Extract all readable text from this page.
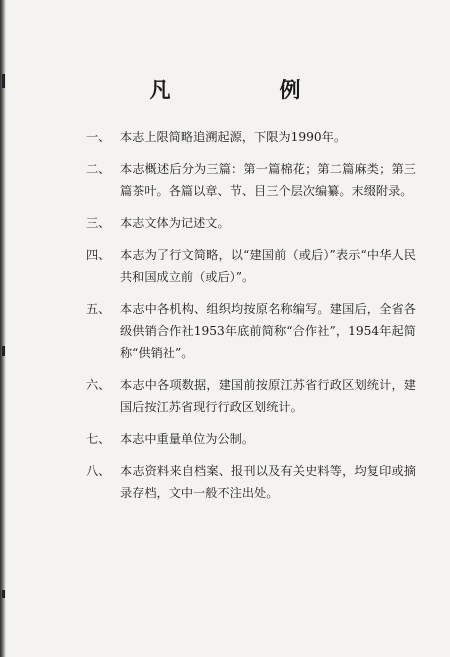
凡　例
一、 本志上限简略追溯起源，下限为1990年。
二、 本志概述后分为三篇：第一篇棉花；第二篇麻类；第三篇茶叶。各篇以章、节、目三个层次编纂。末缀附录。
三、 本志文体为记述文。
四、 本志为了行文简略，以“建国前（或后）”表示“中华人民共和国成立前（或后）”。
五、 本志中各机构、组织均按原名称编写。建国后，全省各级供销合作社1953年底前简称“合作社”，1954年起简称“供销社”。
六、 本志中各项数据，建国前按原江苏省行政区划统计，建国后按江苏省现行行政区划统计。
七、 本志中重量单位为公制。
八、 本志资料来自档案、报刊以及有关史料等，均复印或摘录存档，文中一般不注出处。
